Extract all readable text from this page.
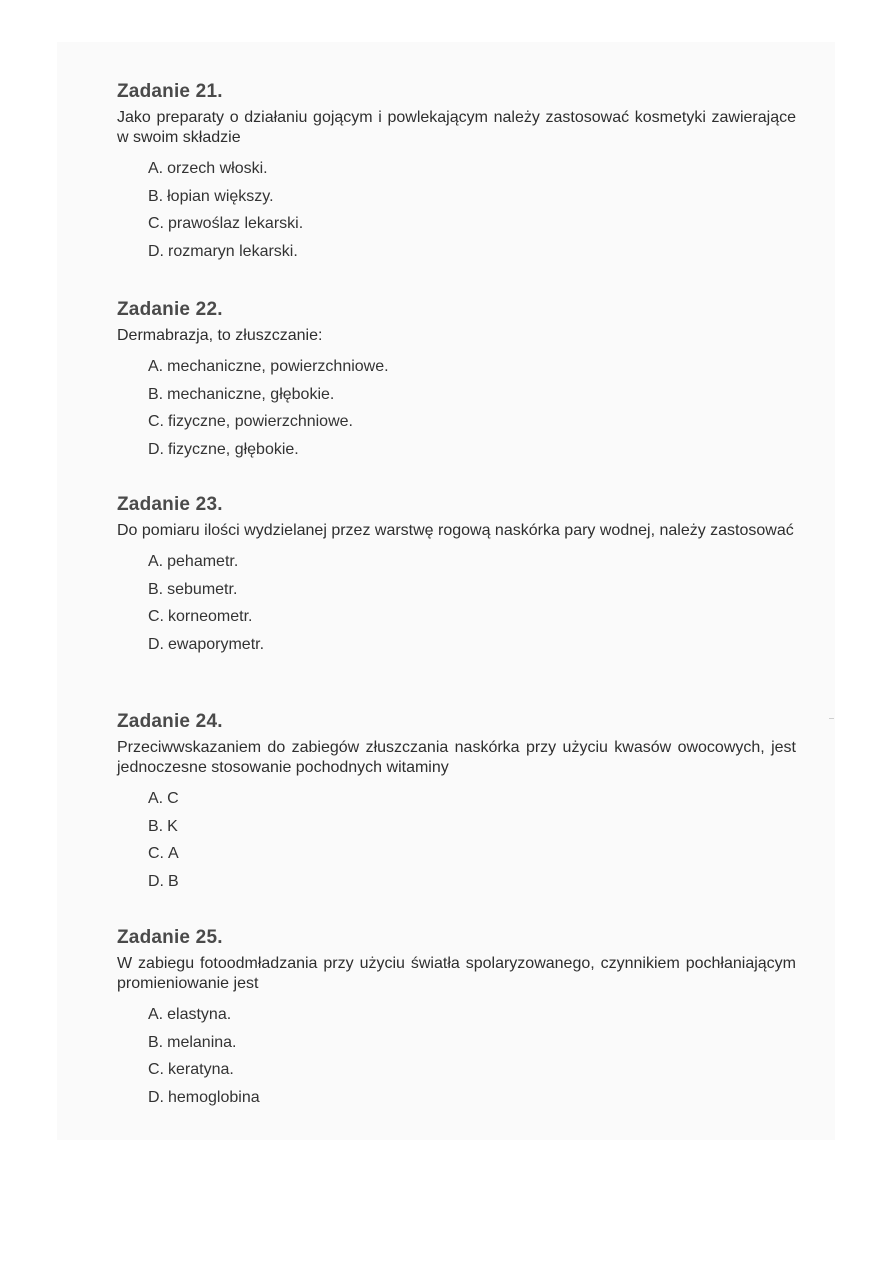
Zadanie 21.

Jako preparaty o działaniu gojącym i powlekającym należy zastosować kosmetyki zawierające w swoim składzie

A. orzech włoski.
B. łopian większy.
C. prawoślaz lekarski.
D. rozmaryn lekarski.
Zadanie 22.

Dermabrazja, to złuszczanie:

A. mechaniczne, powierzchniowe.
B. mechaniczne, głębokie.
C. fizyczne, powierzchniowe.
D. fizyczne, głębokie.
Zadanie 23.

Do pomiaru ilości wydzielanej przez warstwę rogową naskórka pary wodnej, należy zastosować

A. pehametr.
B. sebumetr.
C. korneometr.
D. ewaporymetr.
Zadanie 24.

Przeciwwskazaniem do zabiegów złuszczania naskórka przy użyciu kwasów owocowych, jest jednoczesne stosowanie pochodnych witaminy

A. C
B. K
C. A
D. B
Zadanie 25.

W zabiegu fotoodmładzania przy użyciu światła spolaryzowanego, czynnikiem pochłaniającym promieniowanie jest

A. elastyna.
B. melanina.
C. keratyna.
D. hemoglobina
